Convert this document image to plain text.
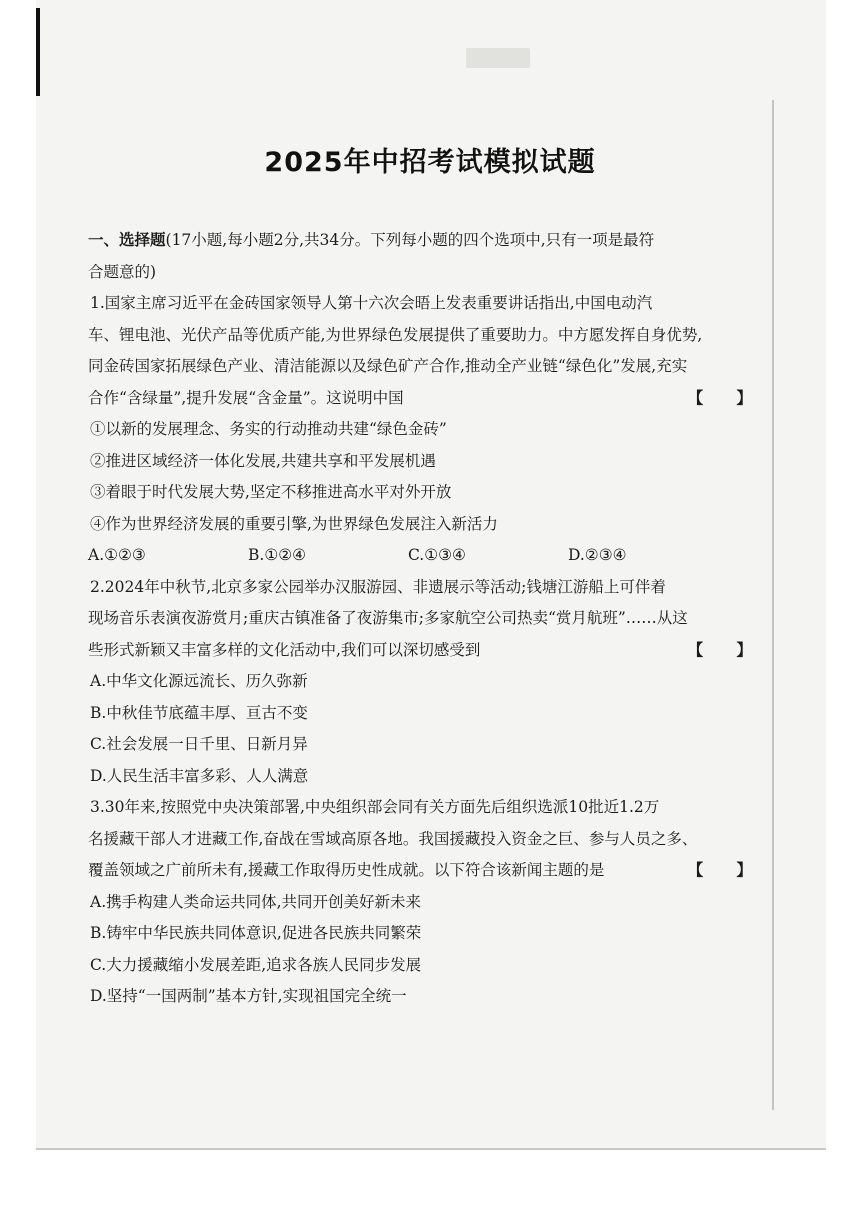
2025年中招考试模拟试题

一、选择题(17小题,每小题2分,共34分。下列每小题的四个选项中,只有一项是最符

合题意的)

1.国家主席习近平在金砖国家领导人第十六次会晤上发表重要讲话指出,中国电动汽

车、锂电池、光伏产品等优质产能,为世界绿色发展提供了重要助力。中方愿发挥自身优势,

同金砖国家拓展绿色产业、清洁能源以及绿色矿产合作,推动全产业链“绿色化”发展,充实

合作“含绿量”,提升发展“含金量”。这说明中国	【 】

①以新的发展理念、务实的行动推动共建“绿色金砖”

②推进区域经济一体化发展,共建共享和平发展机遇

③着眼于时代发展大势,坚定不移推进高水平对外开放

④作为世界经济发展的重要引擎,为世界绿色发展注入新活力

A.①②③	B.①②④	C.①③④	D.②③④

2.2024年中秋节,北京多家公园举办汉服游园、非遗展示等活动;钱塘江游船上可伴着

现场音乐表演夜游赏月;重庆古镇准备了夜游集市;多家航空公司热卖“赏月航班”……从这

些形式新颖又丰富多样的文化活动中,我们可以深切感受到	【 】

A.中华文化源远流长、历久弥新

B.中秋佳节底蕴丰厚、亘古不变

C.社会发展一日千里、日新月异

D.人民生活丰富多彩、人人满意

3.30年来,按照党中央决策部署,中央组织部会同有关方面先后组织选派10批近1.2万

名援藏干部人才进藏工作,奋战在雪域高原各地。我国援藏投入资金之巨、参与人员之多、

覆盖领域之广前所未有,援藏工作取得历史性成就。以下符合该新闻主题的是	【 】

A.携手构建人类命运共同体,共同开创美好新未来

B.铸牢中华民族共同体意识,促进各民族共同繁荣

C.大力援藏缩小发展差距,追求各族人民同步发展

D.坚持“一国两制”基本方针,实现祖国完全统一
